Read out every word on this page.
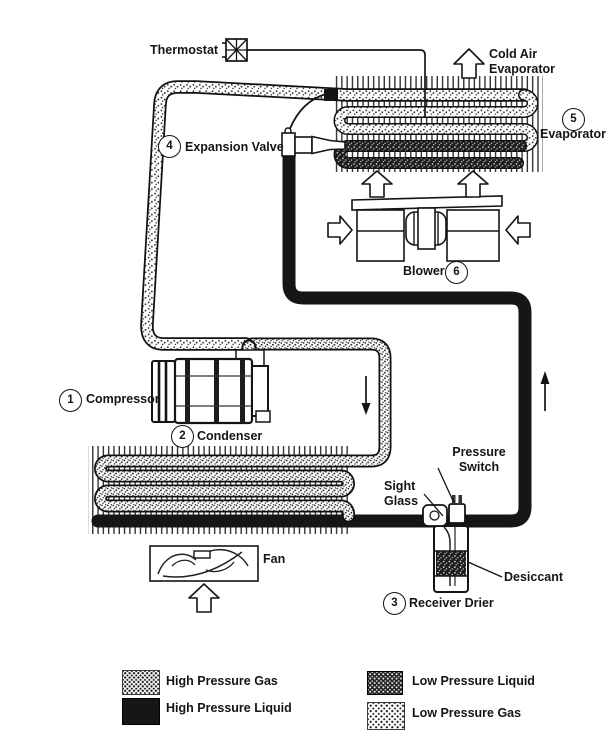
Thermostat	Cold Air
Evaporator
5
Evaporator
4 Expansion Valve
Blower 6
1 Compressor
2 Condenser
Fan
Pressure
Switch
Sight
Glass
Desiccant
3 Receiver Drier
High Pressure Gas
High Pressure Liquid
Low Pressure Liquid
Low Pressure Gas
